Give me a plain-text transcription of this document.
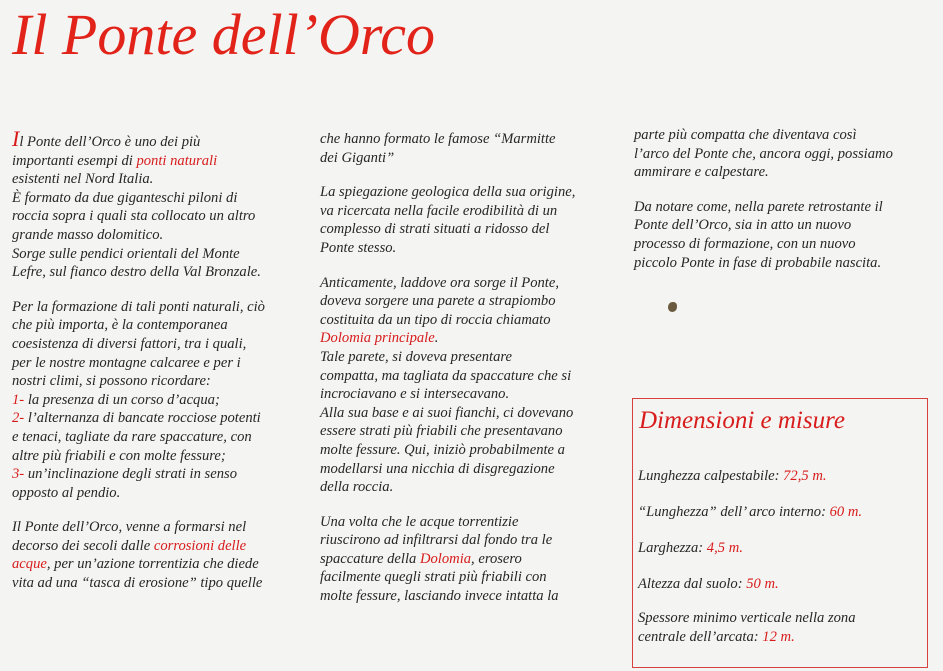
Il Ponte dell’Orco

Il Ponte dell’Orco è uno dei più

importanti esempi di ponti naturali

esistenti nel Nord Italia.

È formato da due giganteschi piloni di

roccia sopra i quali sta collocato un altro

grande masso dolomitico.

Sorge sulle pendici orientali del Monte

Lefre, sul fianco destro della Val Bronzale.

Per la formazione di tali ponti naturali, ciò

che più importa, è la contemporanea

coesistenza di diversi fattori, tra i quali,

per le nostre montagne calcaree e per i

nostri climi, si possono ricordare:

1- la presenza di un corso d’acqua;

2- l’alternanza di bancate rocciose potenti

e tenaci, tagliate da rare spaccature, con

altre più friabili e con molte fessure;

3- un’inclinazione degli strati in senso

opposto al pendio.

Il Ponte dell’Orco, venne a formarsi nel

decorso dei secoli dalle corrosioni delle

acque, per un’azione torrentizia che diede

vita ad una “tasca di erosione” tipo quelle

che hanno formato le famose “Marmitte

dei Giganti”

La spiegazione geologica della sua origine,

va ricercata nella facile erodibilità di un

complesso di strati situati a ridosso del

Ponte stesso.

Anticamente, laddove ora sorge il Ponte,

doveva sorgere una parete a strapiombo

costituita da un tipo di roccia chiamato

Dolomia principale.

Tale parete, si doveva presentare

compatta, ma tagliata da spaccature che si

incrociavano e si intersecavano.

Alla sua base e ai suoi fianchi, ci dovevano

essere strati più friabili che presentavano

molte fessure. Qui, iniziò probabilmente a

modellarsi una nicchia di disgregazione

della roccia.

Una volta che le acque torrentizie

riuscirono ad infiltrarsi dal fondo tra le

spaccature della Dolomia, erosero

facilmente quegli strati più friabili con

molte fessure, lasciando invece intatta la

parte più compatta che diventava così

l’arco del Ponte che, ancora oggi, possiamo

ammirare e calpestare.

Da notare come, nella parete retrostante il

Ponte dell’Orco, sia in atto un nuovo

processo di formazione, con un nuovo

piccolo Ponte in fase di probabile nascita.

Dimensioni e misure
Lunghezza calpestabile: 72,5 m.
“Lunghezza” dell’ arco interno: 60 m.
Larghezza: 4,5 m.
Altezza dal suolo: 50 m.
Spessore minimo verticale nella zona
centrale dell’arcata: 12 m.
